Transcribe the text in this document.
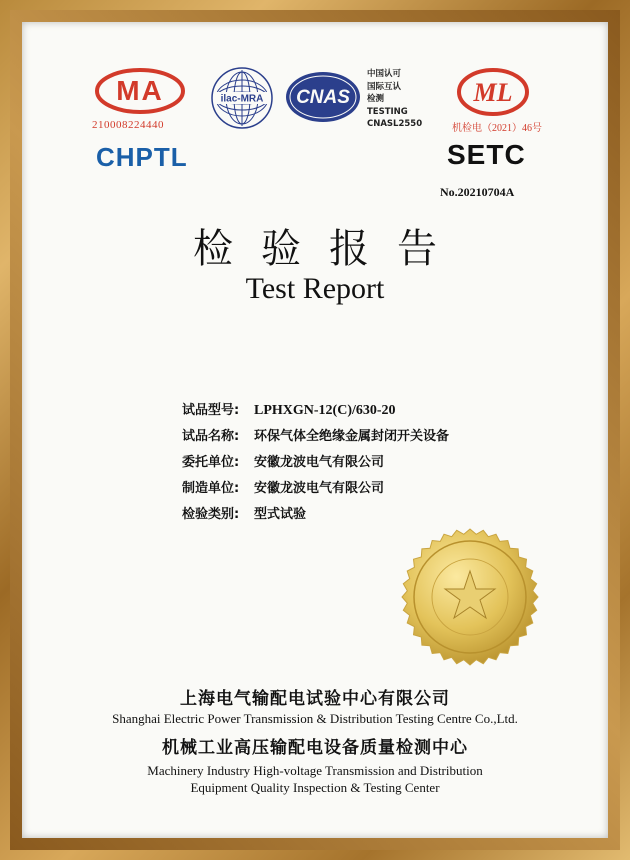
MA
210008224440
ilac-MRA CNAS
中国认可
国际互认
检测
TESTING
CNASL2550
ML
机检电（2021）46号
CHPTL	SETC
No.20210704A
检验报告
Test Report
试品型号: LPHXGN-12(C)/630-20
试品名称: 环保气体全绝缘金属封闭开关设备
委托单位: 安徽龙波电气有限公司
制造单位: 安徽龙波电气有限公司
检验类别: 型式试验
上海电气输配电试验中心有限公司
Shanghai Electric Power Transmission & Distribution Testing Centre Co.,Ltd.
机械工业高压输配电设备质量检测中心
Machinery Industry High-voltage Transmission and Distribution
Equipment Quality Inspection & Testing Center
